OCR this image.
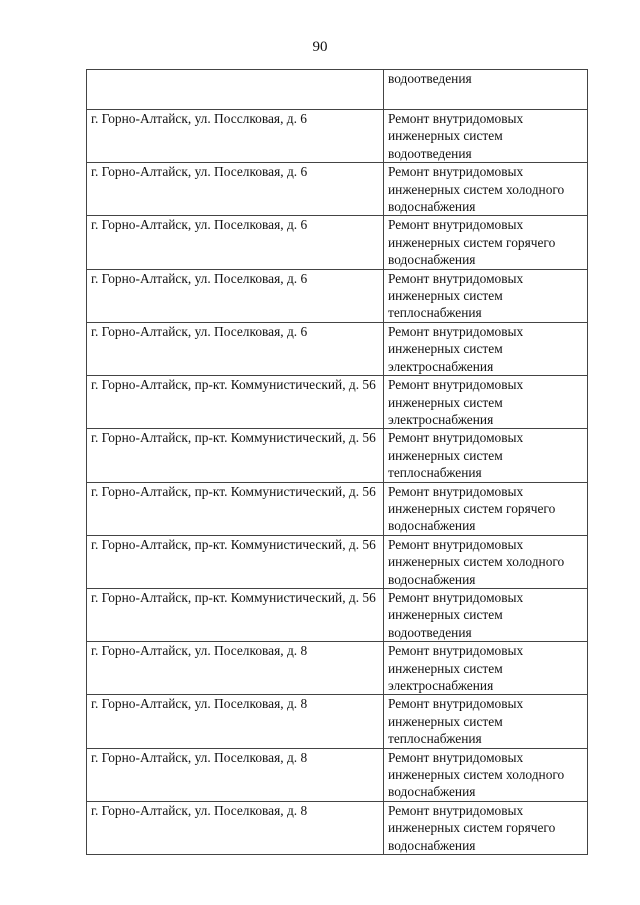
90
	водоотведения
г. Горно-Алтайск, ул. Посслковая, д. 6	Ремонт внутридомовых инженерных систем водоотведения
г. Горно-Алтайск, ул. Поселковая, д. 6	Ремонт внутридомовых инженерных систем холодного водоснабжения
г. Горно-Алтайск, ул. Поселковая, д. 6	Ремонт внутридомовых инженерных систем горячего водоснабжения
г. Горно-Алтайск, ул. Поселковая, д. 6	Ремонт внутридомовых инженерных систем теплоснабжения
г. Горно-Алтайск, ул. Поселковая, д. 6	Ремонт внутридомовых инженерных систем электроснабжения
г. Горно-Алтайск, пр-кт. Коммунистический, д. 56	Ремонт внутридомовых инженерных систем электроснабжения
г. Горно-Алтайск, пр-кт. Коммунистический, д. 56	Ремонт внутридомовых инженерных систем теплоснабжения
г. Горно-Алтайск, пр-кт. Коммунистический, д. 56	Ремонт внутридомовых инженерных систем горячего водоснабжения
г. Горно-Алтайск, пр-кт. Коммунистический, д. 56	Ремонт внутридомовых инженерных систем холодного водоснабжения
г. Горно-Алтайск, пр-кт. Коммунистический, д. 56	Ремонт внутридомовых инженерных систем водоотведения
г. Горно-Алтайск, ул. Поселковая, д. 8	Ремонт внутридомовых инженерных систем электроснабжения
г. Горно-Алтайск, ул. Поселковая, д. 8	Ремонт внутридомовых инженерных систем теплоснабжения
г. Горно-Алтайск, ул. Поселковая, д. 8	Ремонт внутридомовых инженерных систем холодного водоснабжения
г. Горно-Алтайск, ул. Поселковая, д. 8	Ремонт внутридомовых инженерных систем горячего водоснабжения
